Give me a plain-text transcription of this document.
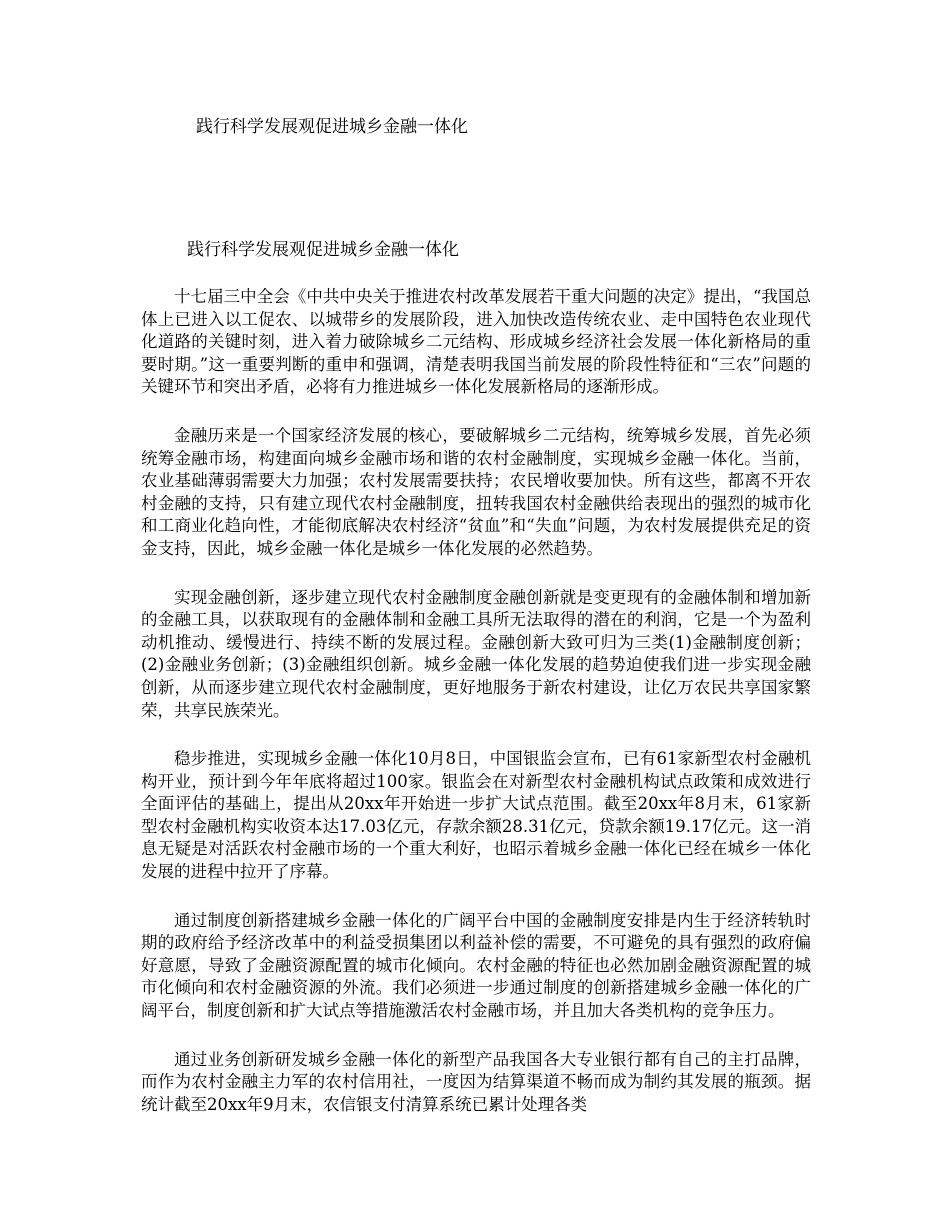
践行科学发展观促进城乡金融一体化
践行科学发展观促进城乡金融一体化

十七届三中全会《中共中央关于推进农村改革发展若干重大问题的决定》提出，“我国总体上已进入以工促农、以城带乡的发展阶段，进入加快改造传统农业、走中国特色农业现代化道路的关键时刻，进入着力破除城乡二元结构、形成城乡经济社会发展一体化新格局的重要时期。”这一重要判断的重申和强调，清楚表明我国当前发展的阶段性特征和“三农”问题的关键环节和突出矛盾，必将有力推进城乡一体化发展新格局的逐渐形成。

金融历来是一个国家经济发展的核心，要破解城乡二元结构，统筹城乡发展，首先必须统筹金融市场，构建面向城乡金融市场和谐的农村金融制度，实现城乡金融一体化。当前，农业基础薄弱需要大力加强；农村发展需要扶持；农民增收要加快。所有这些，都离不开农村金融的支持，只有建立现代农村金融制度，扭转我国农村金融供给表现出的强烈的城市化和工商业化趋向性，才能彻底解决农村经济“贫血”和“失血”问题，为农村发展提供充足的资金支持，因此，城乡金融一体化是城乡一体化发展的必然趋势。

实现金融创新，逐步建立现代农村金融制度金融创新就是变更现有的金融体制和增加新的金融工具，以获取现有的金融体制和金融工具所无法取得的潜在的利润，它是一个为盈利动机推动、缓慢进行、持续不断的发展过程。金融创新大致可归为三类(1)金融制度创新；(2)金融业务创新；(3)金融组织创新。城乡金融一体化发展的趋势迫使我们进一步实现金融创新，从而逐步建立现代农村金融制度，更好地服务于新农村建设，让亿万农民共享国家繁荣，共享民族荣光。

稳步推进，实现城乡金融一体化10月8日，中国银监会宣布，已有61家新型农村金融机构开业，预计到今年年底将超过100家。银监会在对新型农村金融机构试点政策和成效进行全面评估的基础上，提出从20xx年开始进一步扩大试点范围。截至20xx年8月末，61家新型农村金融机构实收资本达17.03亿元，存款余额28.31亿元，贷款余额19.17亿元。这一消息无疑是对活跃农村金融市场的一个重大利好，也昭示着城乡金融一体化已经在城乡一体化发展的进程中拉开了序幕。

通过制度创新搭建城乡金融一体化的广阔平台中国的金融制度安排是内生于经济转轨时期的政府给予经济改革中的利益受损集团以利益补偿的需要，不可避免的具有强烈的政府偏好意愿，导致了金融资源配置的城市化倾向。农村金融的特征也必然加剧金融资源配置的城市化倾向和农村金融资源的外流。我们必须进一步通过制度的创新搭建城乡金融一体化的广阔平台，制度创新和扩大试点等措施激活农村金融市场，并且加大各类机构的竞争压力。

通过业务创新研发城乡金融一体化的新型产品我国各大专业银行都有自己的主打品牌，而作为农村金融主力军的农村信用社，一度因为结算渠道不畅而成为制约其发展的瓶颈。据统计截至20xx年9月末，农信银支付清算系统已累计处理各类
